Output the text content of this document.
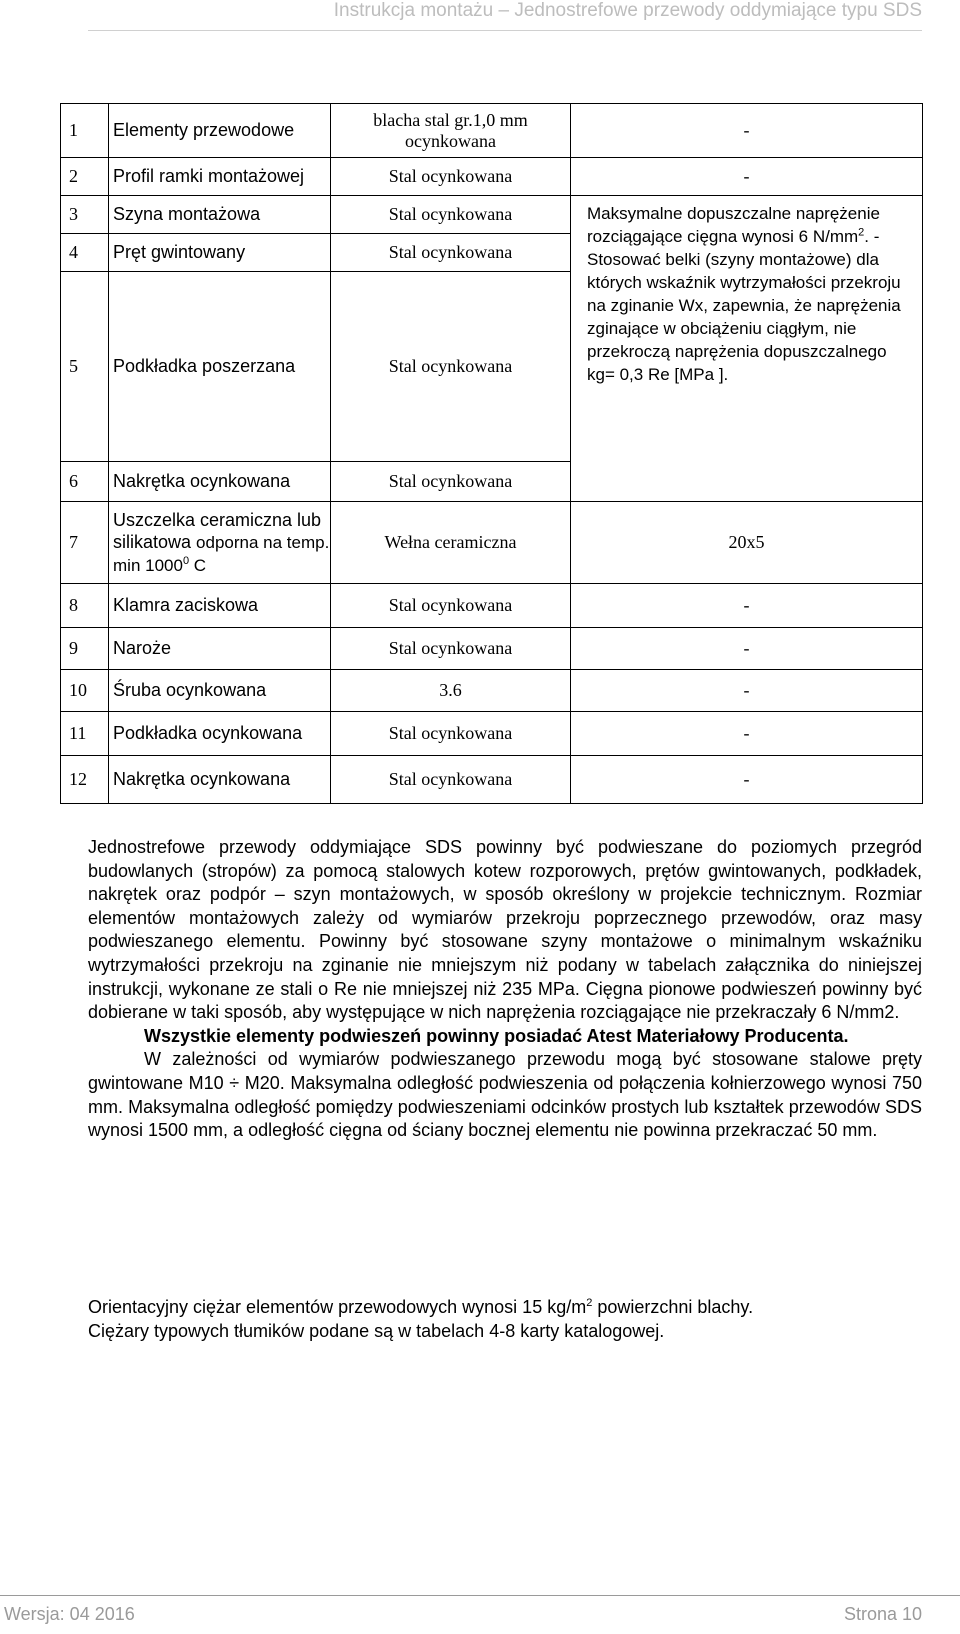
Instrukcja montażu – Jednostrefowe przewody oddymiające typu SDS
1	Elementy przewodowe	blacha stal gr.1,0 mm ocynkowana	-
2	Profil ramki montażowej	Stal ocynkowana	-
3	Szyna montażowa	Stal ocynkowana	Maksymalne dopuszczalne naprężenie rozciągające cięgna wynosi 6 $N/mm^2$. - Stosować belki (szyny montażowe) dla których wskaźnik wytrzymałości przekroju na zginanie Wx, zapewnia, że naprężenia zginające w obciążeniu ciągłym, nie przekroczą naprężenia dopuszczalnego kg= 0,3 Re [MPa ].
4	Pręt gwintowany	Stal ocynkowana	
5	Podkładka poszerzana	Stal ocynkowana	
6	Nakrętka ocynkowana	Stal ocynkowana	
7	Uszczelka ceramiczna lub silikatowa odporna na temp. min 1000$^0$ C	Wełna ceramiczna	20x5
8	Klamra zaciskowa	Stal ocynkowana	-
9	Naroże	Stal ocynkowana	-
10	Śruba ocynkowana	3.6	-
11	Podkładka ocynkowana	Stal ocynkowana	-
12	Nakrętka ocynkowana	Stal ocynkowana	-

Jednostrefowe przewody oddymiające SDS powinny być podwieszane do poziomych przegród budowlanych (stropów) za pomocą stalowych kotew rozporowych, prętów gwintowanych, podkładek, nakrętek oraz podpór – szyn montażowych, w sposób określony w projekcie technicznym. Rozmiar elementów montażowych zależy od wymiarów przekroju poprzecznego przewodów, oraz masy podwieszanego elementu. Powinny być stosowane szyny montażowe o minimalnym wskaźniku wytrzymałości przekroju na zginanie nie mniejszym niż podany w tabelach załącznika do niniejszej instrukcji, wykonane ze stali o Re nie mniejszej niż 235 MPa. Cięgna pionowe podwieszeń powinny być dobierane w taki sposób, aby występujące w nich naprężenia rozciągające nie przekraczały 6 N/mm2.

Wszystkie elementy podwieszeń powinny posiadać Atest Materiałowy Producenta.

W zależności od wymiarów podwieszanego przewodu mogą być stosowane stalowe pręty gwintowane M10 ÷ M20. Maksymalna odległość podwieszenia od połączenia kołnierzowego wynosi 750 mm. Maksymalna odległość pomiędzy podwieszeniami odcinków prostych lub kształtek przewodów SDS wynosi 1500 mm, a odległość cięgna od ściany bocznej elementu nie powinna przekraczać 50 mm.

Orientacyjny ciężar elementów przewodowych wynosi 15 $kg/m^2$ powierzchni blachy.

Ciężary typowych tłumików podane są w tabelach 4-8 karty katalogowej.

Wersja: 04 2016	Strona 10
